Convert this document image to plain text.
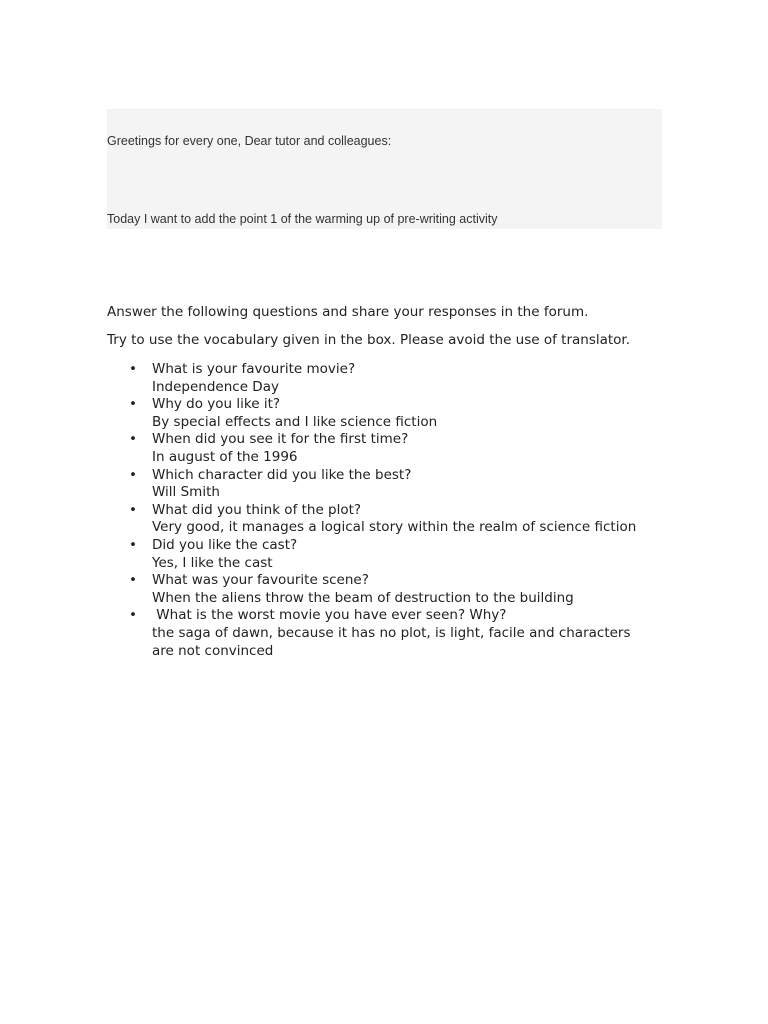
Greetings for every one, Dear tutor and colleagues:
Today I want to add the point 1 of the warming up of pre-writing activity
Answer the following questions and share your responses in the forum.
Try to use the vocabulary given in the box. Please avoid the use of translator.
• What is your favourite movie?
Independence Day
• Why do you like it?
By special effects and I like science fiction
• When did you see it for the first time?
In august of the 1996
• Which character did you like the best?
Will Smith
• What did you think of the plot?
Very good, it manages a logical story within the realm of science fiction
• Did you like the cast?
Yes, I like the cast
• What was your favourite scene?
When the aliens throw the beam of destruction to the building
• What is the worst movie you have ever seen? Why?
the saga of dawn, because it has no plot, is light, facile and characters are not convinced
